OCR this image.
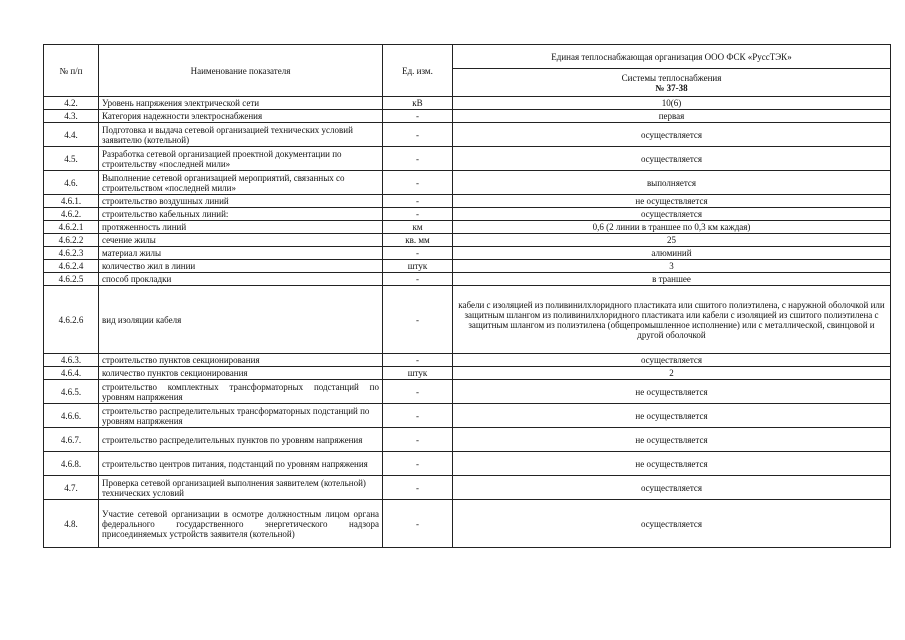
№ п/п	Наименование показателя	Ед. изм.	Единая теплоснабжающая организация ООО ФСК «РуссТЭК»

			Системы теплоснабжения
№ 37-38

4.2.	Уровень напряжения электрической сети	кВ	10(6)
4.3.	Категория надежности электроснабжения	-	первая
4.4.	Подготовка и выдача сетевой организацией технических условий заявителю (котельной)	-	осуществляется
4.5.	Разработка сетевой организацией проектной документации по строительству «последней мили»	-	осуществляется
4.6.	Выполнение сетевой организацией мероприятий, связанных со строительством «последней мили»	-	выполняется
4.6.1.	строительство воздушных линий	-	не осуществляется
4.6.2.	строительство кабельных линий:	-	осуществляется
4.6.2.1	протяженность линий	км	0,6 (2 линии в траншее по 0,3 км каждая)
4.6.2.2	сечение жилы	кв. мм	25
4.6.2.3	материал жилы	-	алюминий
4.6.2.4	количество жил в линии	штук	3
4.6.2.5	способ прокладки	-	в траншее
4.6.2.6	вид изоляции кабеля	-	кабели с изоляцией из поливинилхлоридного пластиката или сшитого полиэтилена, с наружной оболочкой или защитным шлангом из поливинилхлоридного пластиката или кабели с изоляцией из сшитого полиэтилена с защитным шлангом из полиэтилена (общепромышленное исполнение) или с металлической, свинцовой и другой оболочкой
4.6.3.	строительство пунктов секционирования	-	осуществляется
4.6.4.	количество пунктов секционирования	штук	2
4.6.5.	строительство комплектных трансформаторных подстанций по уровням напряжения	-	не осуществляется
4.6.6.	строительство распределительных трансформаторных подстанций по уровням напряжения	-	не осуществляется
4.6.7.	строительство распределительных пунктов по уровням напряжения	-	не осуществляется
4.6.8.	строительство центров питания, подстанций по уровням напряжения	-	не осуществляется
4.7.	Проверка сетевой организацией выполнения заявителем (котельной) технических условий	-	осуществляется
4.8.	Участие сетевой организации в осмотре должностным лицом органа федерального государственного энергетического надзора присоединяемых устройств заявителя (котельной)	-	осуществляется
